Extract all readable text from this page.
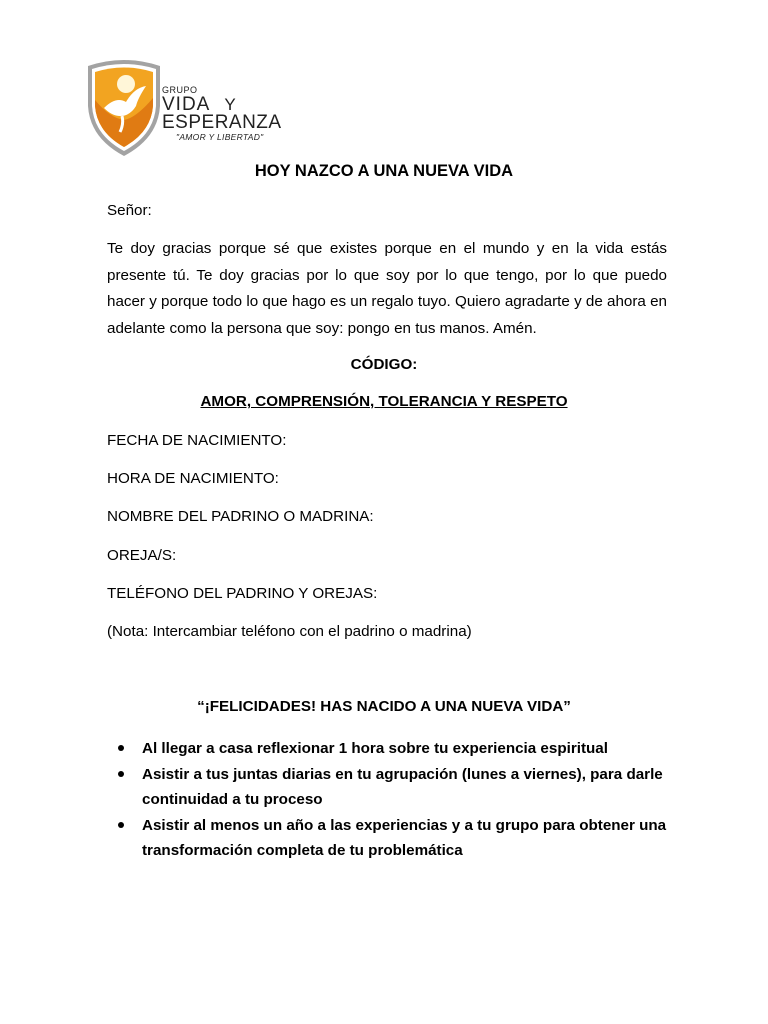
GRUPO
VIDA Y
ESPERANZA
"AMOR Y LIBERTAD"
HOY NAZCO A UNA NUEVA VIDA
Señor:
Te doy gracias porque sé que existes porque en el mundo y en la vida estás presente tú. Te doy gracias por lo que soy por lo que tengo, por lo que puedo hacer y porque todo lo que hago es un regalo tuyo. Quiero agradarte y de ahora en adelante como la persona que soy: pongo en tus manos. Amén.
CÓDIGO:
AMOR, COMPRENSIÓN, TOLERANCIA Y RESPETO
FECHA DE NACIMIENTO:
HORA DE NACIMIENTO:
NOMBRE DEL PADRINO O MADRINA:
OREJA/S:
TELÉFONO DEL PADRINO Y OREJAS:
(Nota: Intercambiar teléfono con el padrino o madrina)
“¡FELICIDADES! HAS NACIDO A UNA NUEVA VIDA”
Al llegar a casa reflexionar 1 hora sobre tu experiencia espiritual
Asistir a tus juntas diarias en tu agrupación (lunes a viernes), para darle continuidad a tu proceso
Asistir al menos un año a las experiencias y a tu grupo para obtener una transformación completa de tu problemática
